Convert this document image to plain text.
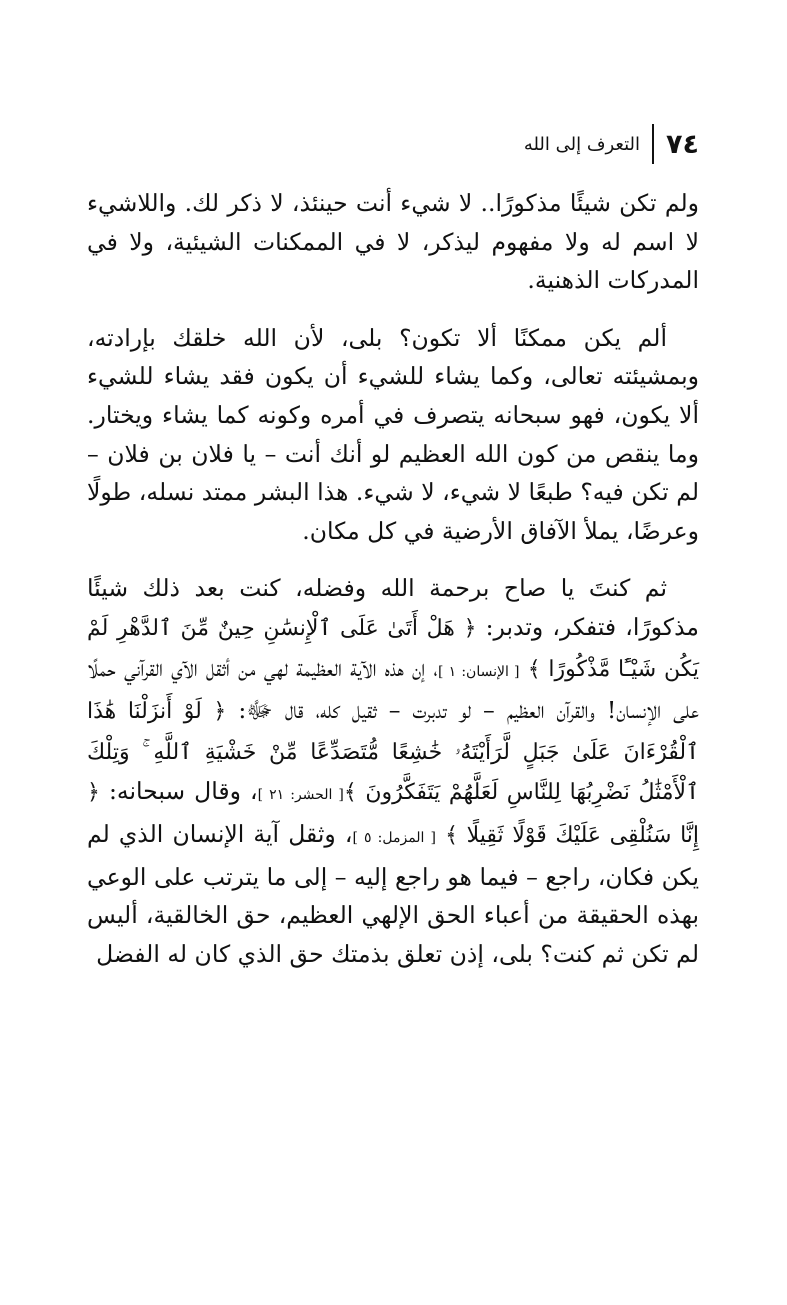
٧٤
التعرف إلى الله

ولم تكن شيئًا مذكورًا.. لا شيء أنت حينئذ، لا ذكر لك. واللاشيء لا اسم له ولا مفهوم ليذكر، لا في الممكنات الشيئية، ولا في المدركات الذهنية.

ألم يكن ممكنًا ألا تكون؟ بلى، لأن الله خلقك بإرادته، وبمشيئته تعالى، وكما يشاء للشيء أن يكون فقد يشاء للشيء ألا يكون، فهو سبحانه يتصرف في أمره وكونه كما يشاء ويختار. وما ينقص من كون الله العظيم لو أنك أنت – يا فلان بن فلان – لم تكن فيه؟ طبعًا لا شيء، لا شيء. هذا البشر ممتد نسله، طولًا وعرضًا، يملأ الآفاق الأرضية في كل مكان.

ثم كنتَ يا صاح برحمة الله وفضله، كنت بعد ذلك شيئًا مذكورًا، فتفكر، وتدبر: ﴿ هَلْ أَتَىٰ عَلَى ٱلْإِنسَٰنِ حِينٌ مِّنَ ٱلدَّهْرِ لَمْ يَكُن شَيْـًٔا مَّذْكُورًا ﴾ [ الإنسان: ١ ]، إن هذه الآية العظيمة لهي من أثقل الآي القرآني حملًا على الإنسان! والقرآن العظيم – لو تدبرت – ثقيل كله، قال ﷻ: ﴿ لَوْ أَنزَلْنَا هَٰذَا ٱلْقُرْءَانَ عَلَىٰ جَبَلٍ لَّرَأَيْتَهُۥ خَٰشِعًا مُّتَصَدِّعًا مِّنْ خَشْيَةِ ٱللَّهِ ۚ وَتِلْكَ ٱلْأَمْثَٰلُ نَضْرِبُهَا لِلنَّاسِ لَعَلَّهُمْ يَتَفَكَّرُونَ ﴾[ الحشر: ٢١ ]، وقال سبحانه: ﴿ إِنَّا سَنُلْقِى عَلَيْكَ قَوْلًا ثَقِيلًا ﴾ [ المزمل: ٥ ]، وثقل آية الإنسان الذي لم يكن فكان، راجع – فيما هو راجع إليه – إلى ما يترتب على الوعي بهذه الحقيقة من أعباء الحق الإلهي العظيم، حق الخالقية، أليس لم تكن ثم كنت؟ بلى، إذن تعلق بذمتك حق الذي كان له الفضل
